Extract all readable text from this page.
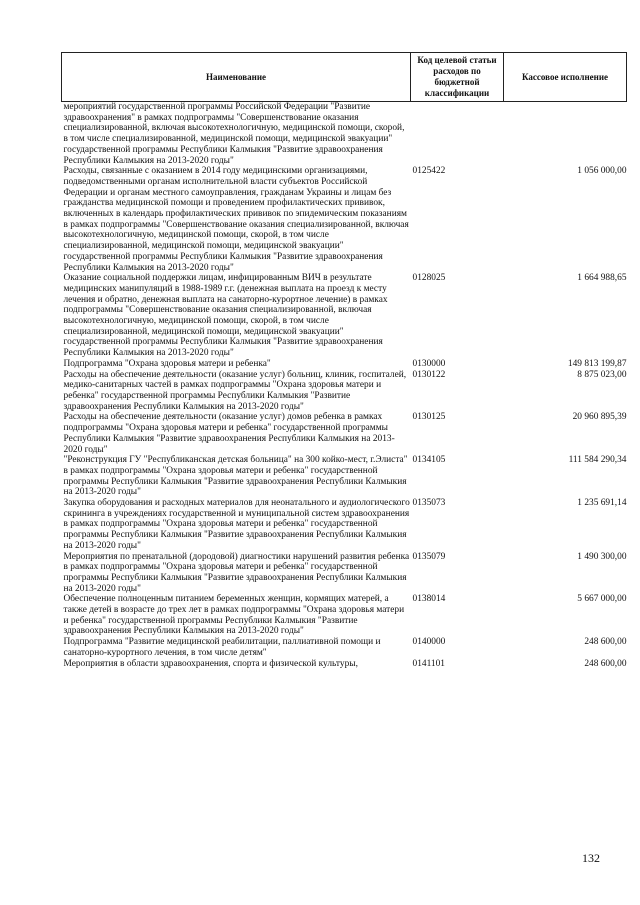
Наименование	Код целевой статьи расходов по бюджетной классификации	Кассовое исполнение
мероприятий государственной программы Российской Федерации "Развитие здравоохранения" в рамках подпрограммы "Совершенствование оказания специализированной, включая высокотехнологичную, медицинской помощи, скорой, в том числе специализированной, медицинской помощи, медицинской эвакуации" государственной программы Республики Калмыкия "Развитие здравоохранения Республики Калмыкия на 2013-2020 годы"		
Расходы, связанные с оказанием в 2014 году медицинскими организациями, подведомственными органам исполнительной власти субъектов Российской Федерации и органам местного самоуправления, гражданам Украины и лицам без гражданства медицинской помощи и проведением профилактических прививок, включенных в календарь профилактических прививок по эпидемическим показаниям в рамках подпрограммы "Совершенствование оказания специализированной, включая высокотехнологичную, медицинской помощи, скорой, в том числе специализированной, медицинской помощи, медицинской эвакуации" государственной программы Республики Калмыкия "Развитие здравоохранения Республики Калмыкия на 2013-2020 годы"	0125422	1 056 000,00
Оказание социальной поддержки лицам, инфицированным ВИЧ в результате медицинских манипуляций в 1988-1989 г.г. (денежная выплата на проезд к месту лечения и обратно, денежная выплата на санаторно-курортное лечение) в рамках подпрограммы "Совершенствование оказания специализированной, включая высокотехнологичную, медицинской помощи, скорой, в том числе специализированной, медицинской помощи, медицинской эвакуации" государственной программы Республики Калмыкия "Развитие здравоохранения Республики Калмыкия на 2013-2020 годы"	0128025	1 664 988,65
Подпрограмма "Охрана здоровья матери и ребенка"	0130000	149 813 199,87
Расходы на обеспечение деятельности (оказание услуг) больниц, клиник, госпиталей, медико-санитарных частей в рамках подпрограммы "Охрана здоровья матери и ребенка" государственной программы Республики Калмыкия "Развитие здравоохранения Республики Калмыкия на 2013-2020 годы"	0130122	8 875 023,00
Расходы на обеспечение деятельности (оказание услуг) домов ребенка в рамках подпрограммы "Охрана здоровья матери и ребенка" государственной программы Республики Калмыкия "Развитие здравоохранения Республики Калмыкия на 2013-2020 годы"	0130125	20 960 895,39
"Реконструкция ГУ "Республиканская детская больница" на 300 койко-мест, г.Элиста" в рамках подпрограммы "Охрана здоровья матери и ребенка" государственной программы Республики Калмыкия "Развитие здравоохранения Республики Калмыкия на 2013-2020 годы"	0134105	111 584 290,34
Закупка оборудования и расходных материалов для неонатального и аудиологического скрининга в учреждениях государственной и муниципальной систем здравоохранения в рамках подпрограммы "Охрана здоровья матери и ребенка" государственной программы Республики Калмыкия "Развитие здравоохранения Республики Калмыкия на 2013-2020 годы"	0135073	1 235 691,14
Мероприятия по пренатальной (дородовой) диагностики нарушений развития ребенка в рамках подпрограммы "Охрана здоровья матери и ребенка" государственной программы Республики Калмыкия "Развитие здравоохранения Республики Калмыкия на 2013-2020 годы"	0135079	1 490 300,00
Обеспечение полноценным питанием беременных женщин, кормящих матерей, а также детей в возрасте до трех лет в рамках подпрограммы "Охрана здоровья матери и ребенка" государственной программы Республики Калмыкия "Развитие здравоохранения Республики Калмыкия на 2013-2020 годы"	0138014	5 667 000,00
Подпрограмма "Развитие медицинской реабилитации, паллиативной помощи и санаторно-курортного лечения, в том числе детям"	0140000	248 600,00
Мероприятия в области здравоохранения, спорта и физической культуры,	0141101	248 600,00
132
